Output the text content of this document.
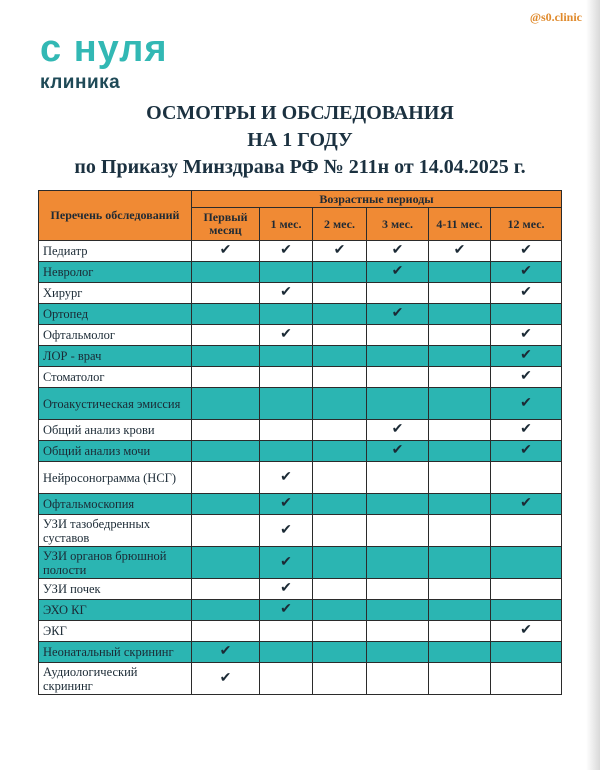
@s0.clinic
с нуля
клиника
ОСМОТРЫ И ОБСЛЕДОВАНИЯ
НА 1 ГОДУ
по Приказу Минздрава РФ № 211н от 14.04.2025 г.
Перечень обследований	Возрастные периоды					
	Первый месяц	1 мес.	2 мес.	3 мес.	4-11 мес.	12 мес.
Педиатр	✔	✔	✔	✔	✔	✔
Невролог				✔		✔
Хирург		✔				✔
Ортопед				✔		
Офтальмолог		✔				✔
ЛОР - врач						✔
Стоматолог						✔
Отоакустическая эмиссия						✔
Общий анализ крови				✔		✔
Общий анализ мочи				✔		✔
Нейросонограмма (НСГ)		✔				
Офтальмоскопия		✔				✔
УЗИ тазобедренных суставов		✔				
УЗИ органов брюшной полости		✔				
УЗИ почек		✔				
ЭХО КГ		✔				
ЭКГ						✔
Неонатальный скрининг	✔					
Аудиологический скрининг	✔					
